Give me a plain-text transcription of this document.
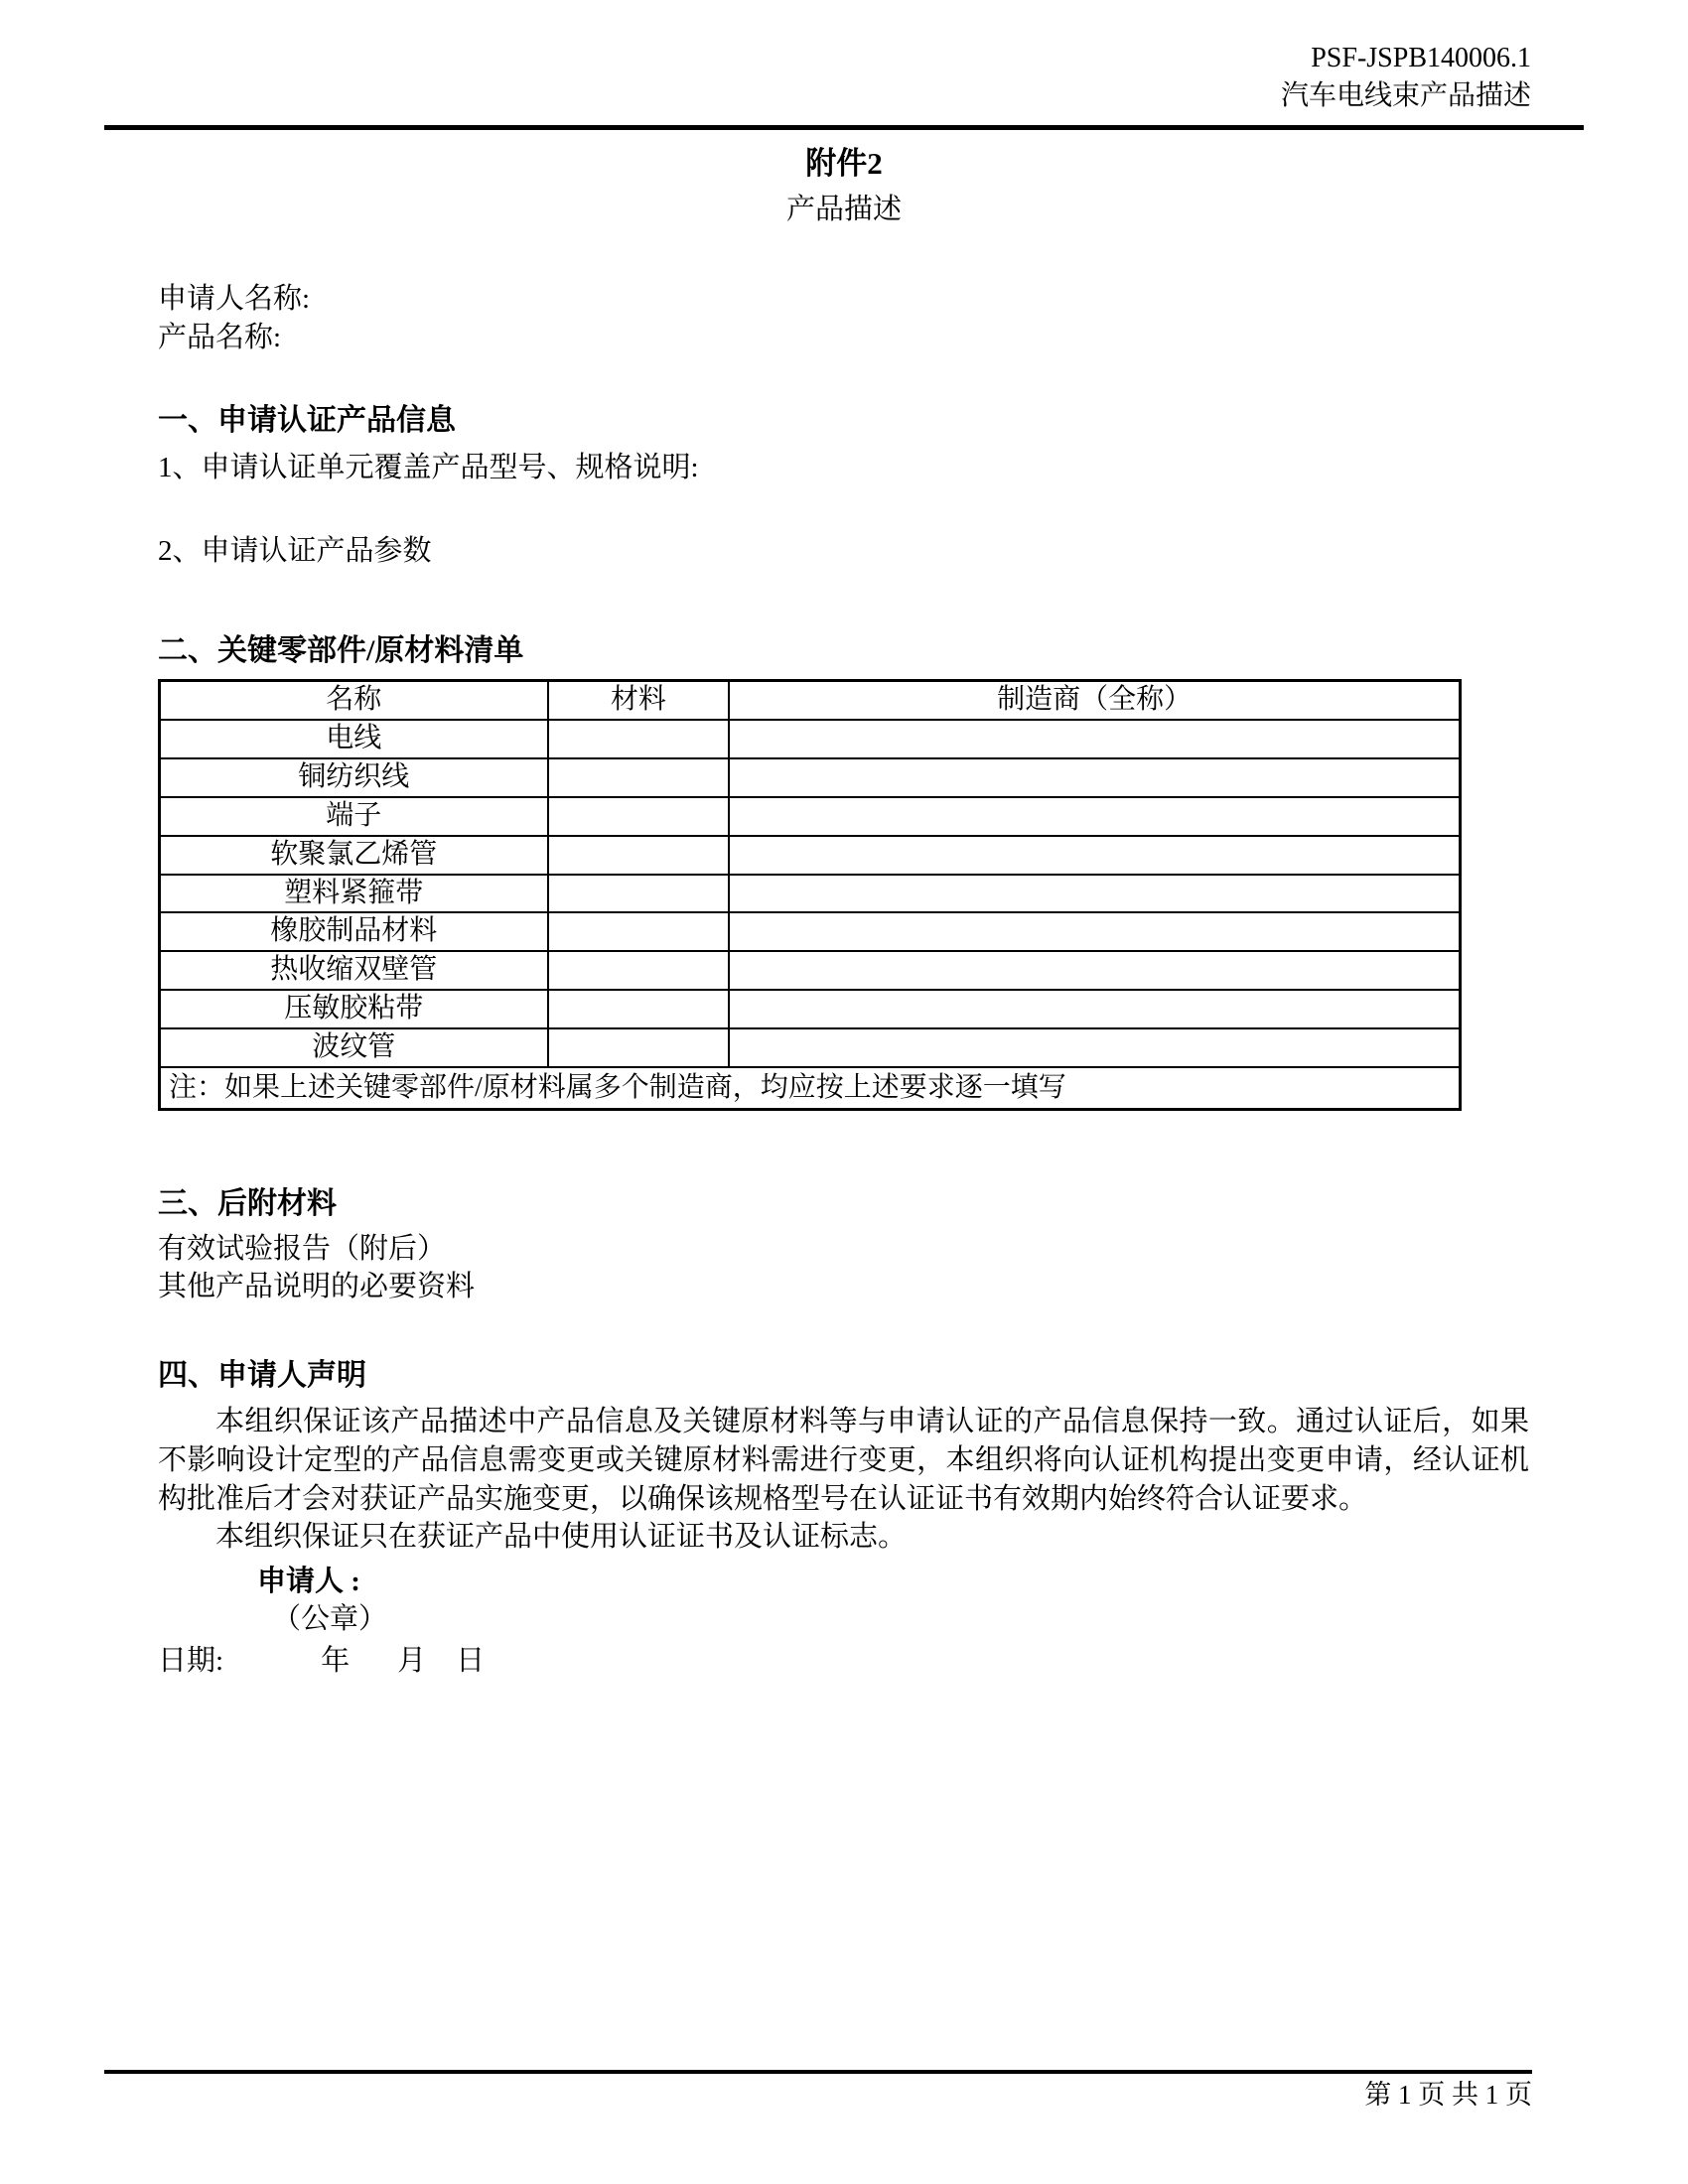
PSF-JSPB140006.1
汽车电线束产品描述
附件2
产品描述
申请人名称:
产品名称:
一、申请认证产品信息
1、申请认证单元覆盖产品型号、规格说明:
2、申请认证产品参数
二、关键零部件/原材料清单
名称	材料	制造商（全称）
电线		
铜纺织线		
端子		
软聚氯乙烯管		
塑料紧箍带		
橡胶制品材料		
热收缩双壁管		
压敏胶粘带		
波纹管		
注：如果上述关键零部件/原材料属多个制造商，均应按上述要求逐一填写		
三、后附材料
有效试验报告（附后）
其他产品说明的必要资料
四、申请人声明
本组织保证该产品描述中产品信息及关键原材料等与申请认证的产品信息保持一致。通过认证后，如果不影响设计定型的产品信息需变更或关键原材料需进行变更，本组织将向认证机构提出变更申请，经认证机构批准后才会对获证产品实施变更，以确保该规格型号在认证证书有效期内始终符合认证要求。
本组织保证只在获证产品中使用认证证书及认证标志。
申请人 :
（公章）
日期:	年 月 日
第 1 页 共 1 页
